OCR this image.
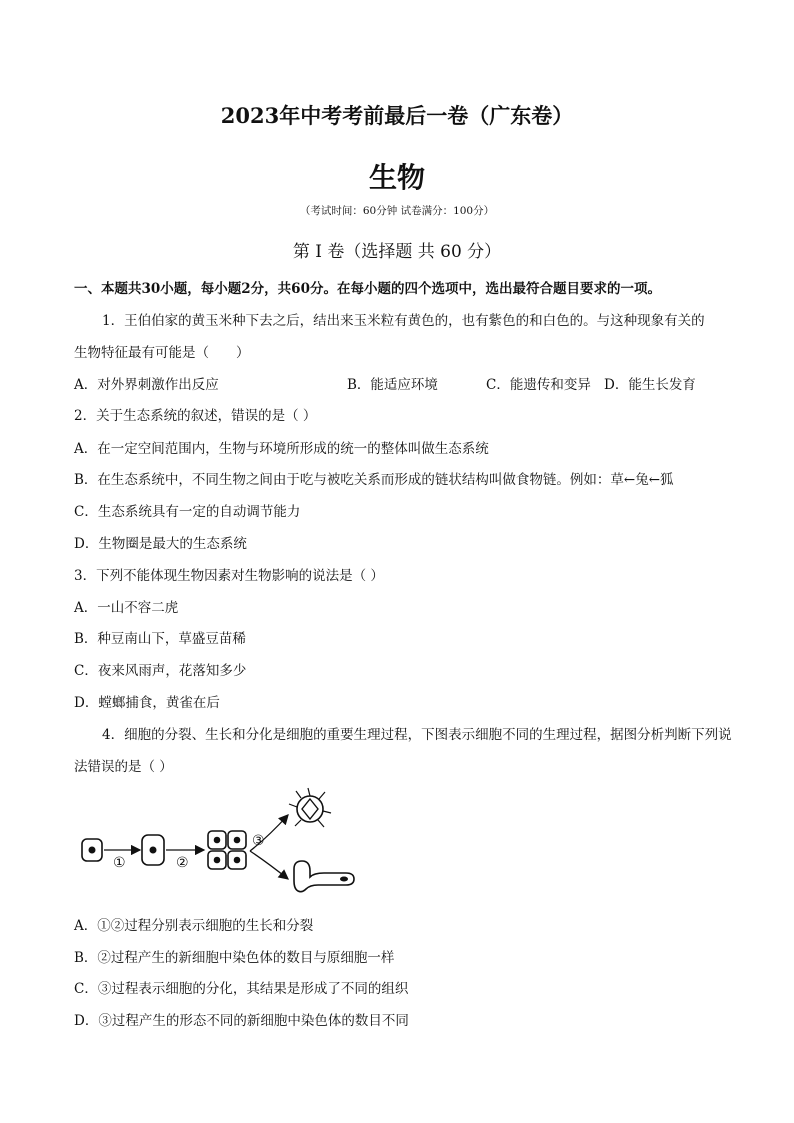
2023年中考考前最后一卷（广东卷）
生物
（考试时间：60分钟 试卷满分：100分）
第 I 卷（选择题 共 60 分）
一、本题共30小题，每小题2分，共60分。在每小题的四个选项中，选出最符合题目要求的一项。
1．王伯伯家的黄玉米种下去之后，结出来玉米粒有黄色的，也有紫色的和白色的。与这种现象有关的
生物特征最有可能是（　　）
A．对外界刺激作出反应	B．能适应环境	C．能遗传和变异 D．能生长发育
2．关于生态系统的叙述，错误的是（ ）
A．在一定空间范围内，生物与环境所形成的统一的整体叫做生态系统
B．在生态系统中，不同生物之间由于吃与被吃关系而形成的链状结构叫做食物链。例如：草←兔←狐
C．生态系统具有一定的自动调节能力
D．生物圈是最大的生态系统
3．下列不能体现生物因素对生物影响的说法是（ ）
A．一山不容二虎
B．种豆南山下，草盛豆苗稀
C．夜来风雨声，花落知多少
D．螳螂捕食，黄雀在后
4．细胞的分裂、生长和分化是细胞的重要生理过程，下图表示细胞不同的生理过程，据图分析判断下列说
法错误的是（ ）
①	②
③
A．①②过程分别表示细胞的生长和分裂
B．②过程产生的新细胞中染色体的数目与原细胞一样
C．③过程表示细胞的分化，其结果是形成了不同的组织
D．③过程产生的形态不同的新细胞中染色体的数目不同
